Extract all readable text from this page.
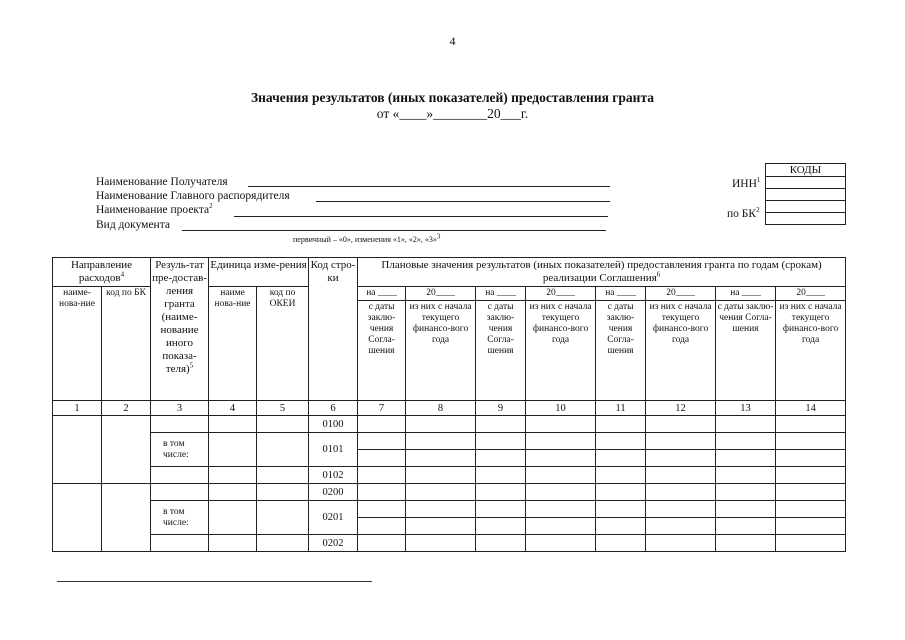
4
Значения результатов (иных показателей) предоставления гранта
от «____»________20___г.
Наименование Получателя
Наименование Главного распорядителя
Наименование проекта$^2$
Вид документа
первичный – «0», изменения «1», «2», «3»3
ИНН$^1$
по $БК^2$
КОДЫ

Направление расходов$^4$		Резуль-тат пре-достав-ления гранта (наиме-нование иного показа-теля)$^5$	Единица изме-рения		Код стро-ки	Плановые значения результатов (иных показателей) предоставления гранта по годам (срокам) реализации Соглашения$^6$
наиме-нова-ние	код по БК		наиме нова-ние	код по ОКЕИ		на ____	20____	на ____	20____	на ____	20____	на ____	20____
						с даты заклю-чения Согла-шения	из них с начала текущего финансо-вого года	с даты заклю-чения Согла-шения	из них с начала текущего финансо-вого года	с даты заклю-чения Согла-шения	из них с начала текущего финансо-вого года	с даты заклю-чения Согла-шения	из них с начала текущего финансо-вого года
1	2	3	4	5	6	7	8	9	10	11	12	13	14
					0100								
		в том числе:			0101								

					0102								
					0200								
		в том числе:			0201								

					0202								
